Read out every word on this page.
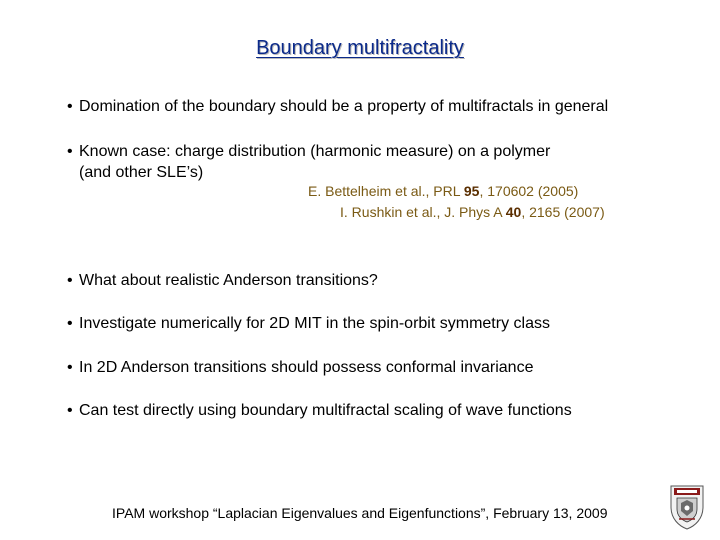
Boundary multifractality
• Domination of the boundary should be a property of multifractals in general
• Known case: charge distribution (harmonic measure) on a polymer
(and other SLE’s)
E. Bettelheim et al., PRL 95, 170602 (2005)
I. Rushkin et al., J. Phys A 40, 2165 (2007)
• What about realistic Anderson transitions?
• Investigate numerically for 2D MIT in the spin-orbit symmetry class
• In 2D Anderson transitions should possess conformal invariance
• Can test directly using boundary multifractal scaling of wave functions
IPAM workshop “Laplacian Eigenvalues and Eigenfunctions”, February 13, 2009
